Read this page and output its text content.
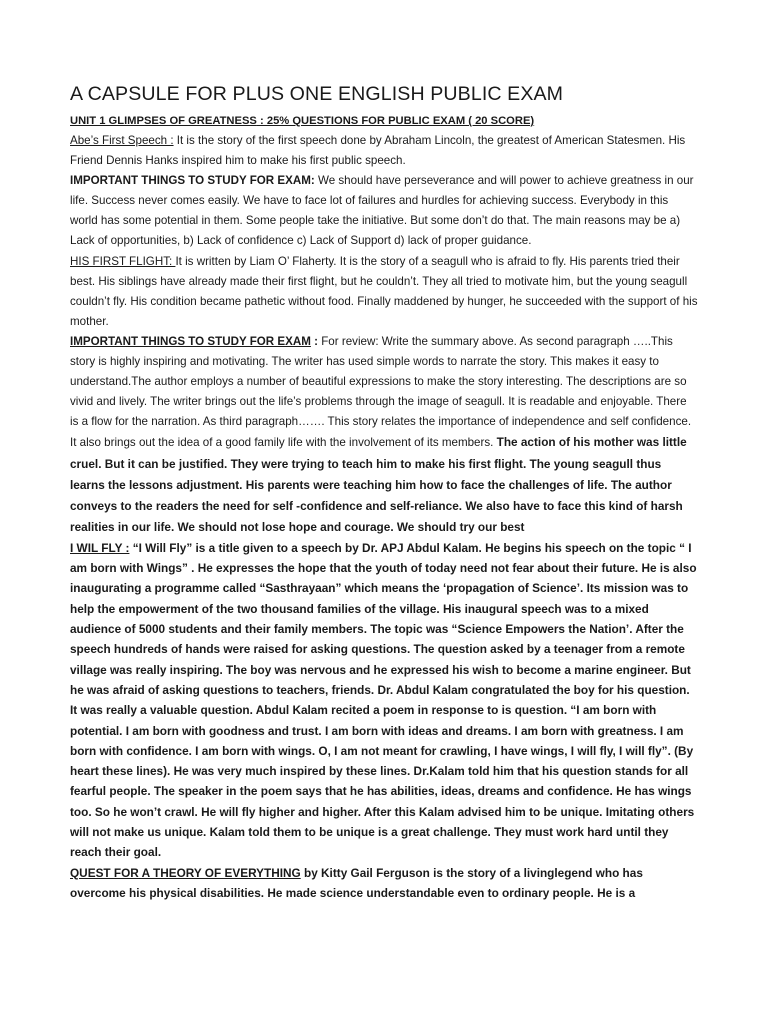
A CAPSULE FOR PLUS ONE ENGLISH PUBLIC EXAM

UNIT 1 GLIMPSES OF GREATNESS : 25% QUESTIONS FOR PUBLIC EXAM ( 20 SCORE)

Abe’s First Speech : It is the story of the first speech done by Abraham Lincoln, the greatest of American Statesmen. His Friend Dennis Hanks inspired him to make his first public speech.

IMPORTANT THINGS TO STUDY FOR EXAM: We should have perseverance and will power to achieve greatness in our life. Success never comes easily. We have to face lot of failures and hurdles for achieving success. Everybody in this world has some potential in them. Some people take the initiative. But some don’t do that. The main reasons may be a) Lack of opportunities, b) Lack of confidence c) Lack of Support d) lack of proper guidance.

HIS FIRST FLIGHT: It is written by Liam O’ Flaherty. It is the story of a seagull who is afraid to fly. His parents tried their best. His siblings have already made their first flight, but he couldn’t. They all tried to motivate him, but the young seagull couldn’t fly. His condition became pathetic without food. Finally maddened by hunger, he succeeded with the support of his mother.

IMPORTANT THINGS TO STUDY FOR EXAM : For review: Write the summary above. As second paragraph …..This story is highly inspiring and motivating. The writer has used simple words to narrate the story. This makes it easy to understand.The author employs a number of beautiful expressions to make the story interesting. The descriptions are so vivid and lively. The writer brings out the life’s problems through the image of seagull. It is readable and enjoyable. There is a flow for the narration. As third paragraph……. This story relates the importance of independence and self confidence. It also brings out the idea of a good family life with the involvement of its members. The action of his mother was little cruel. But it can be justified. They were trying to teach him to make his first flight. The young seagull thus learns the lessons adjustment. His parents were teaching him how to face the challenges of life. The author conveys to the readers the need for self -confidence and self-reliance. We also have to face this kind of harsh realities in our life. We should not lose hope and courage. We should try our best

I WIL FLY : “I Will Fly” is a title given to a speech by Dr. APJ Abdul Kalam. He begins his speech on the topic “ I am born with Wings” . He expresses the hope that the youth of today need not fear about their future. He is also inaugurating a programme called “Sasthrayaan” which means the ‘propagation of Science’. Its mission was to help the empowerment of the two thousand families of the village. His inaugural speech was to a mixed audience of 5000 students and their family members. The topic was “Science Empowers the Nation’. After the speech hundreds of hands were raised for asking questions. The question asked by a teenager from a remote village was really inspiring. The boy was nervous and he expressed his wish to become a marine engineer. But he was afraid of asking questions to teachers, friends. Dr. Abdul Kalam congratulated the boy for his question. It was really a valuable question. Abdul Kalam recited a poem in response to is question. “I am born with potential. I am born with goodness and trust. I am born with ideas and dreams. I am born with greatness. I am born with confidence. I am born with wings. O, I am not meant for crawling, I have wings, I will fly, I will fly”. (By heart these lines). He was very much inspired by these lines. Dr.Kalam told him that his question stands for all fearful people. The speaker in the poem says that he has abilities, ideas, dreams and confidence. He has wings too. So he won’t crawl. He will fly higher and higher. After this Kalam advised him to be unique. Imitating others will not make us unique. Kalam told them to be unique is a great challenge. They must work hard until they reach their goal.

QUEST FOR A THEORY OF EVERYTHING by Kitty Gail Ferguson is the story of a livinglegend who has overcome his physical disabilities. He made science understandable even to ordinary people. He is a
